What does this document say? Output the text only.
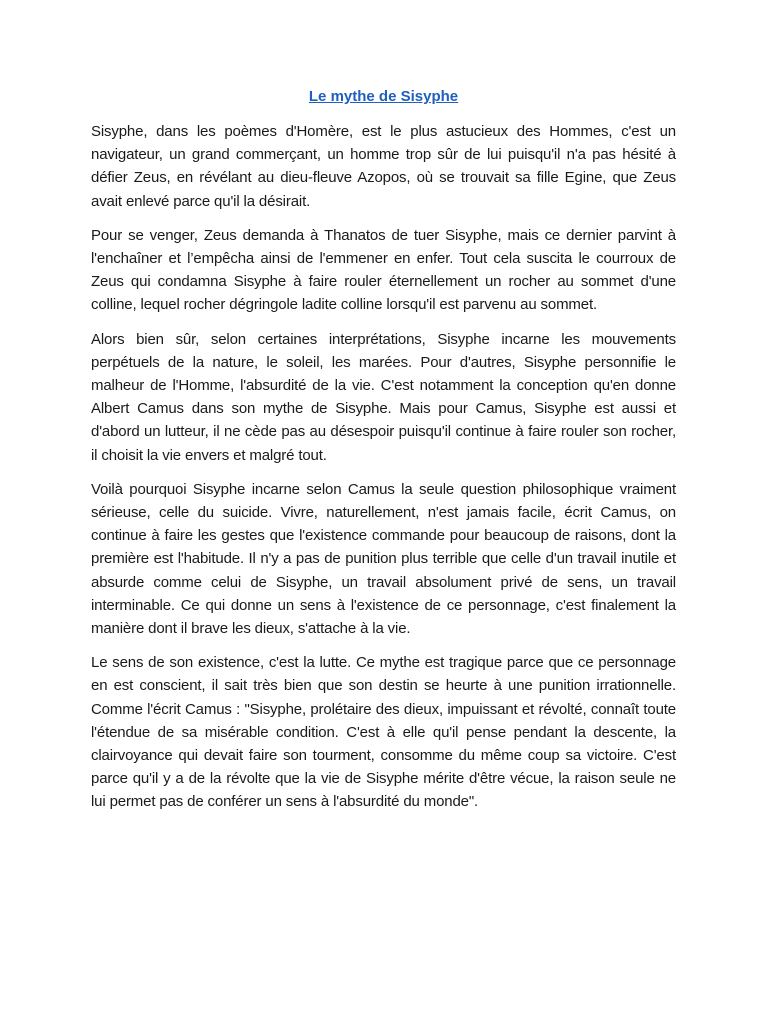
Le mythe de Sisyphe

Sisyphe, dans les poèmes d'Homère, est le plus astucieux des Hommes, c'est un navigateur, un grand commerçant, un homme trop sûr de lui puisqu'il n'a pas hésité à défier Zeus, en révélant au dieu-fleuve Azopos, où se trouvait sa fille Egine, que Zeus avait enlevé parce qu'il la désirait.

Pour se venger, Zeus demanda à Thanatos de tuer Sisyphe, mais ce dernier parvint à l'enchaîner et l’empêcha ainsi de l'emmener en enfer. Tout cela suscita le courroux de Zeus qui condamna Sisyphe à faire rouler éternellement un rocher au sommet d'une colline, lequel rocher dégringole ladite colline lorsqu'il est parvenu au sommet.

Alors bien sûr, selon certaines interprétations, Sisyphe incarne les mouvements perpétuels de la nature, le soleil, les marées. Pour d'autres, Sisyphe personnifie le malheur de l'Homme, l'absurdité de la vie. C'est notamment la conception qu'en donne Albert Camus dans son mythe de Sisyphe. Mais pour Camus, Sisyphe est aussi et d'abord un lutteur, il ne cède pas au désespoir puisqu'il continue à faire rouler son rocher, il choisit la vie envers et malgré tout.

Voilà pourquoi Sisyphe incarne selon Camus la seule question philosophique vraiment sérieuse, celle du suicide. Vivre, naturellement, n'est jamais facile, écrit Camus, on continue à faire les gestes que l'existence commande pour beaucoup de raisons, dont la première est l'habitude. Il n'y a pas de punition plus terrible que celle d'un travail inutile et absurde comme celui de Sisyphe, un travail absolument privé de sens, un travail interminable. Ce qui donne un sens à l'existence de ce personnage, c'est finalement la manière dont il brave les dieux, s'attache à la vie.

Le sens de son existence, c'est la lutte. Ce mythe est tragique parce que ce personnage en est conscient, il sait très bien que son destin se heurte à une punition irrationnelle. Comme l'écrit Camus : "Sisyphe, prolétaire des dieux, impuissant et révolté, connaît toute l'étendue de sa misérable condition. C'est à elle qu'il pense pendant la descente, la clairvoyance qui devait faire son tourment, consomme du même coup sa victoire. C'est parce qu'il y a de la révolte que la vie de Sisyphe mérite d'être vécue, la raison seule ne lui permet pas de conférer un sens à l'absurdité du monde".
